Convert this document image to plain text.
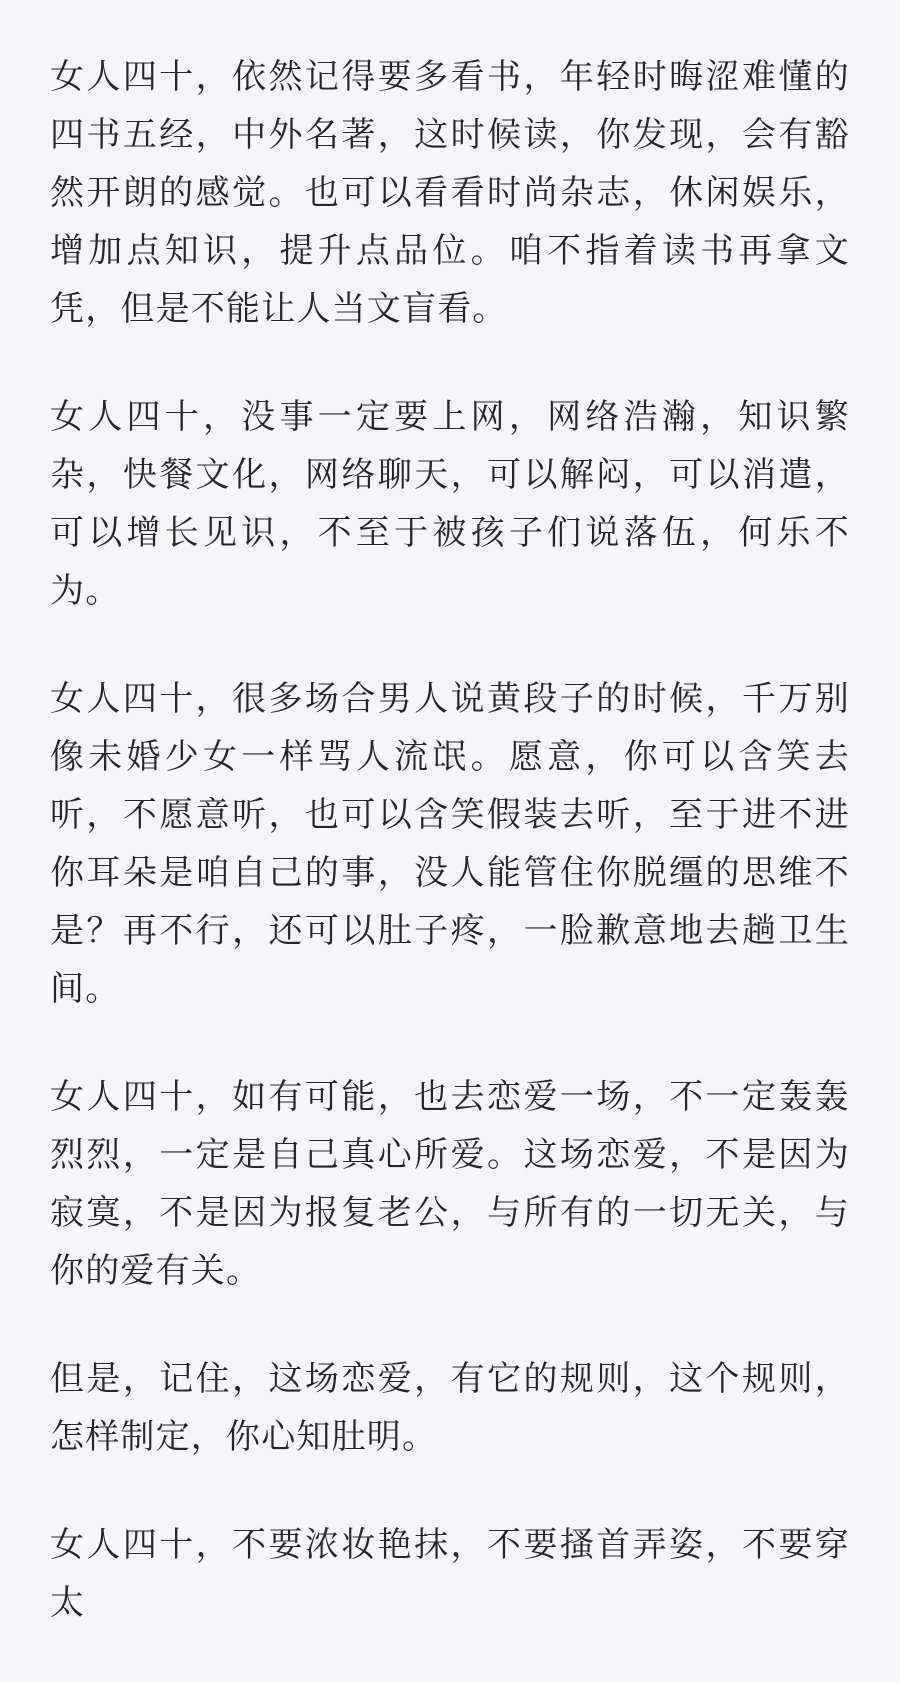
女人四十，依然记得要多看书，年轻时晦涩难懂的四书五经，中外名著，这时候读，你发现，会有豁然开朗的感觉。也可以看看时尚杂志，休闲娱乐，增加点知识，提升点品位。咱不指着读书再拿文凭，但是不能让人当文盲看。

女人四十，没事一定要上网，网络浩瀚，知识繁杂，快餐文化，网络聊天，可以解闷，可以消遣，可以增长见识，不至于被孩子们说落伍，何乐不为。

女人四十，很多场合男人说黄段子的时候，千万别像未婚少女一样骂人流氓。愿意，你可以含笑去听，不愿意听，也可以含笑假装去听，至于进不进你耳朵是咱自己的事，没人能管住你脱缰的思维不是？再不行，还可以肚子疼，一脸歉意地去趟卫生间。

女人四十，如有可能，也去恋爱一场，不一定轰轰烈烈，一定是自己真心所爱。这场恋爱，不是因为寂寞，不是因为报复老公，与所有的一切无关，与你的爱有关。

但是，记住，这场恋爱，有它的规则，这个规则，怎样制定，你心知肚明。

女人四十，不要浓妆艳抹，不要搔首弄姿，不要穿太
